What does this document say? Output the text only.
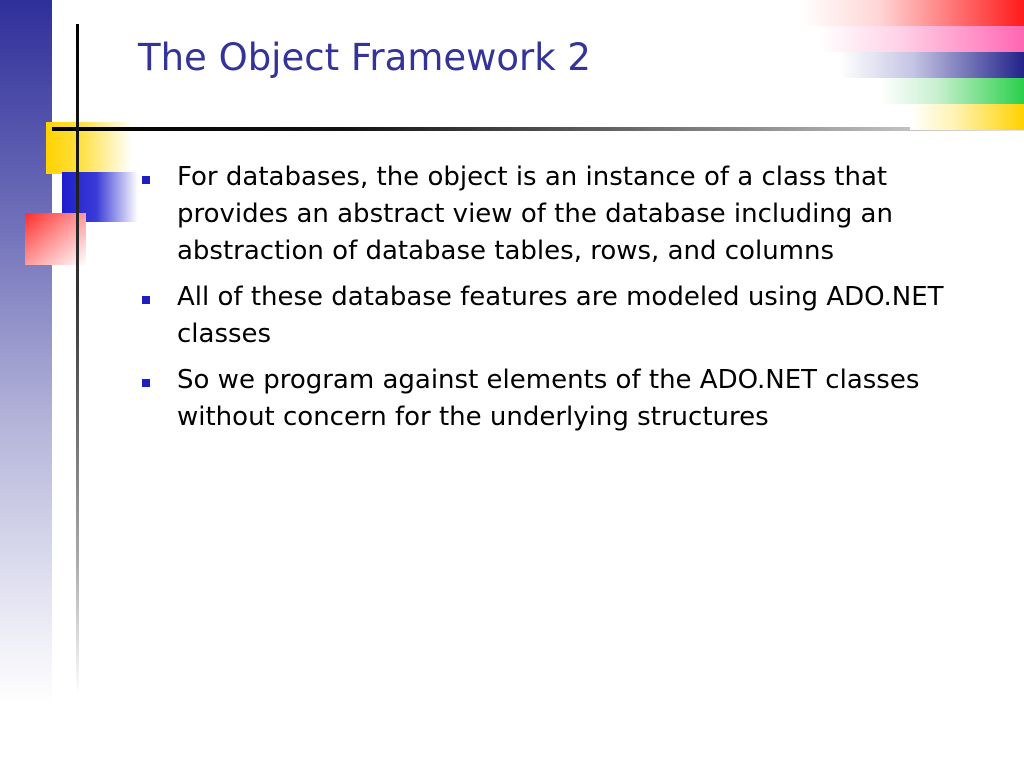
The Object Framework 2
For databases, the object is an instance of a class that provides an abstract view of the database including an abstraction of database tables, rows, and columns
All of these database features are modeled using ADO.NET classes
So we program against elements of the ADO.NET classes without concern for the underlying structures
